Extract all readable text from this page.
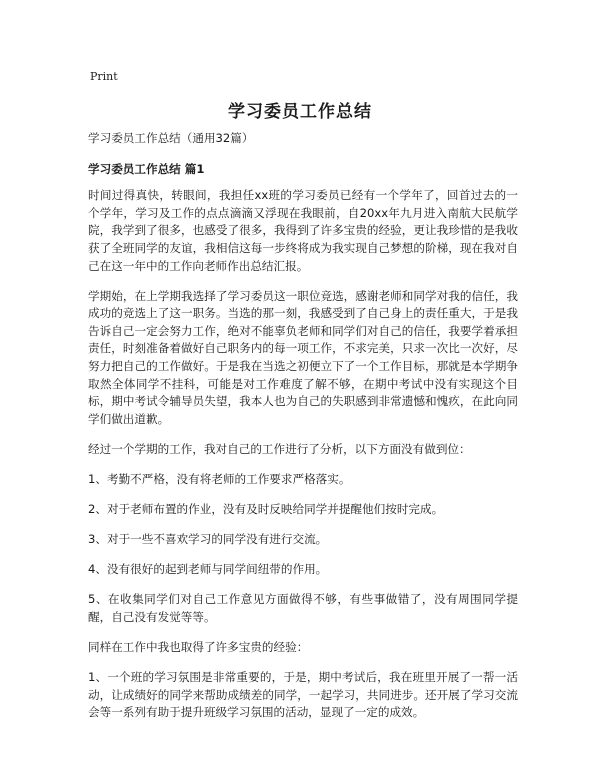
Print
学习委员工作总结

学习委员工作总结（通用32篇）

学习委员工作总结 篇1

时间过得真快，转眼间，我担任xx班的学习委员已经有一个学年了，回首过去的一个学年，学习及工作的点点滴滴又浮现在我眼前，自20xx年九月进入南航大民航学院，我学到了很多，也感受了很多，我得到了许多宝贵的经验，更让我珍惜的是我收获了全班同学的友谊，我相信这每一步终将成为我实现自己梦想的阶梯，现在我对自己在这一年中的工作向老师作出总结汇报。

学期始，在上学期我选择了学习委员这一职位竞选，感谢老师和同学对我的信任，我成功的竞选上了这一职务。当选的那一刻，我感受到了自己身上的责任重大，于是我告诉自己一定会努力工作，绝对不能辜负老师和同学们对自己的信任，我要学着承担责任，时刻准备着做好自己职务内的每一项工作，不求完美，只求一次比一次好，尽努力把自己的工作做好。于是我在当选之初便立下了一个工作目标，那就是本学期争取然全体同学不挂科，可能是对工作难度了解不够，在期中考试中没有实现这个目标，期中考试令辅导员失望，我本人也为自己的失职感到非常遗憾和愧疚，在此向同学们做出道歉。

经过一个学期的工作，我对自己的工作进行了分析，以下方面没有做到位：

1、考勤不严格，没有将老师的工作要求严格落实。

2、对于老师布置的作业，没有及时反映给同学并提醒他们按时完成。

3、对于一些不喜欢学习的同学没有进行交流。

4、没有很好的起到老师与同学间纽带的作用。

5、在收集同学们对自己工作意见方面做得不够，有些事做错了，没有周围同学提醒，自己没有发觉等等。

同样在工作中我也取得了许多宝贵的经验：

1、一个班的学习氛围是非常重要的，于是，期中考试后，我在班里开展了一帮一活动，让成绩好的同学来帮助成绩差的同学，一起学习，共同进步。还开展了学习交流会等一系列有助于提升班级学习氛围的活动，显现了一定的成效。
